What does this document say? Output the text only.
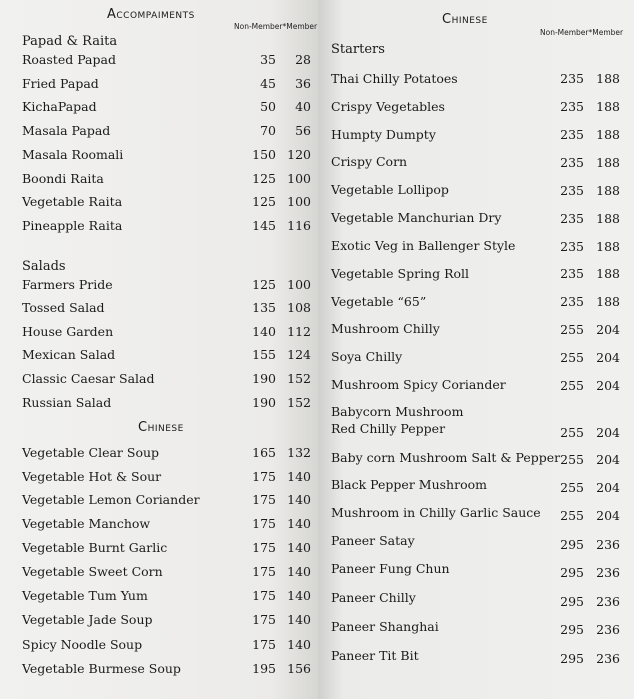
Accompaiments
Non-Member*Member
Papad & Raita
Roasted Papad	35	28
Fried Papad	45	36
KichaPapad	50	40
Masala Papad	70	56
Masala Roomali	150 120
Boondi Raita	125 100
Vegetable Raita	125 100
Pineapple Raita	145 116
Salads
Farmers Pride	125 100
Tossed Salad	135 108
House Garden	140 112
Mexican Salad	155 124
Classic Caesar Salad	190 152
Russian Salad	190 152
Chinese
Vegetable Clear Soup	165 132
Vegetable Hot & Sour	175 140
Vegetable Lemon Coriander	175 140
Vegetable Manchow	175 140
Vegetable Burnt Garlic	175 140
Vegetable Sweet Corn	175 140
Vegetable Tum Yum	175 140
Vegetable Jade Soup	175 140
Spicy Noodle Soup	175 140
Vegetable Burmese Soup	195 156
Chinese
Non-Member*Member
Starters
Thai Chilly Potatoes	235 188
Crispy Vegetables	235 188
Humpty Dumpty	235 188
Crispy Corn	235 188
Vegetable Lollipop	235 188
Vegetable Manchurian Dry	235 188
Exotic Veg in Ballenger Style	235 188
Vegetable Spring Roll	235 188
Vegetable “65”	235 188
Mushroom Chilly	255 204
Soya Chilly	255 204
Mushroom Spicy Coriander	255 204
Babycorn Mushroom
Red Chilly Pepper	255 204
Baby corn Mushroom Salt & Pepper 255 204
Black Pepper Mushroom	255 204
Mushroom in Chilly Garlic Sauce	255 204
Paneer Satay	295 236
Paneer Fung Chun	295 236
Paneer Chilly	295 236
Paneer Shanghai	295 236
Paneer Tit Bit	295 236
